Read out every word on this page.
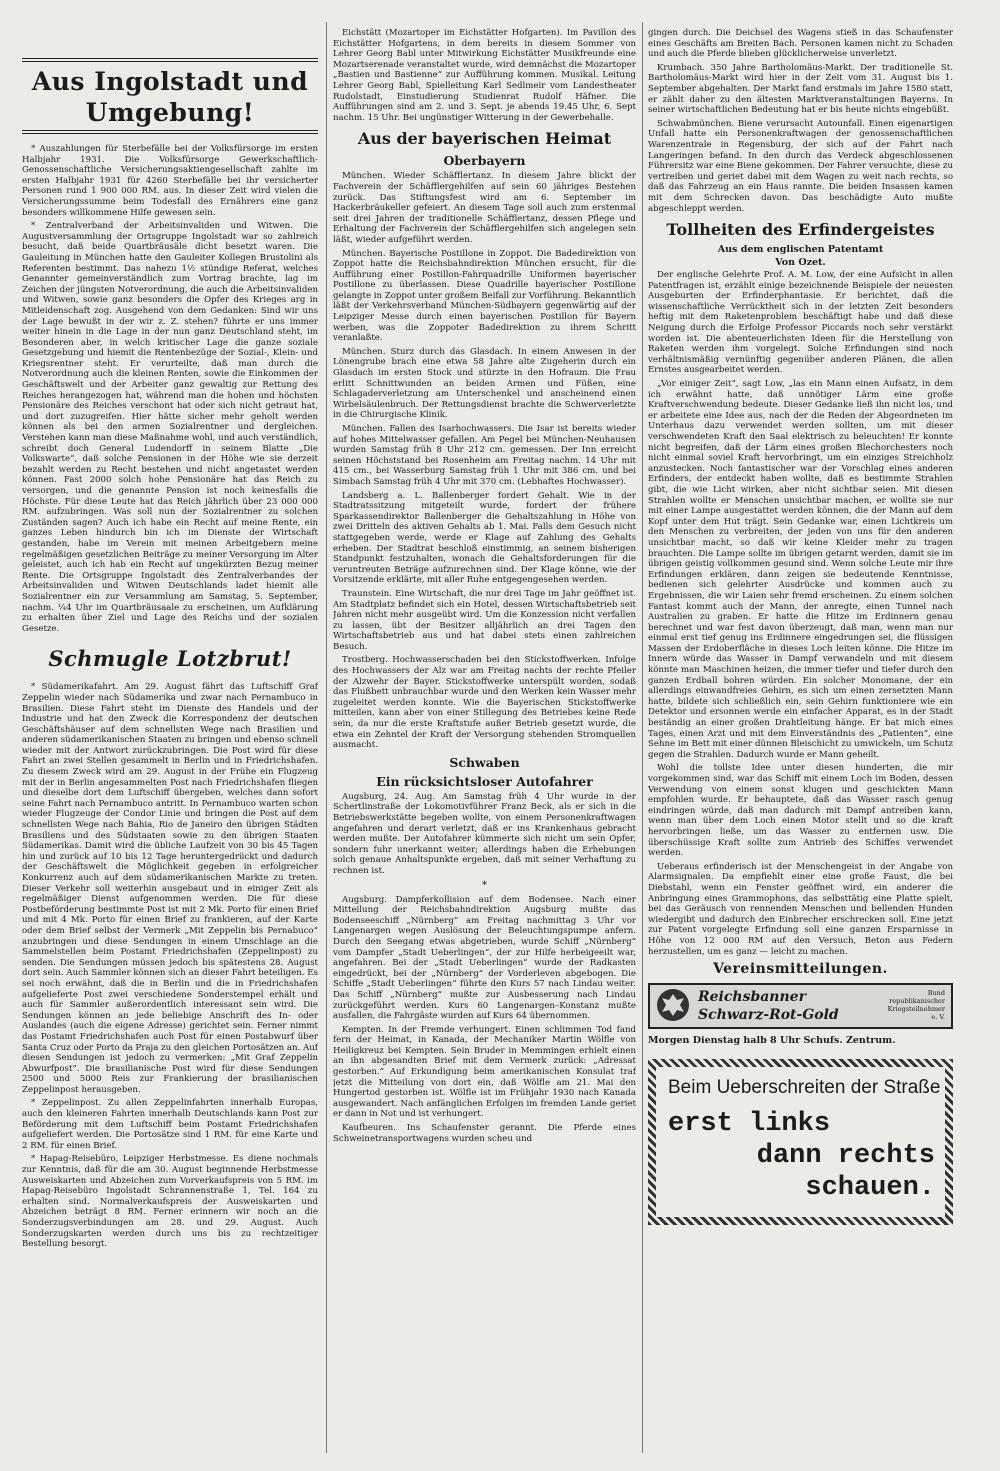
Aus Ingolstadt und
Umgebung!

* Auszahlungen für Sterbefälle bei der Volksfürsorge im ersten Halbjahr 1931. Die Volksfürsorge Gewerkschaftlich-Genossenschaftliche Versicherungsaktiengesellschaft zahlte im ersten Halbjahr 1931 für 4260 Sterbefälle bei ihr versicherter Personen rund 1 900 000 RM. aus. In dieser Zeit wird vielen die Versicherungssumme beim Todesfall des Ernährers eine ganz besonders willkommene Hilfe gewesen sein.

* Zentralverband der Arbeitsinvaliden und Witwen. Die Augustversammlung der Ortsgruppe Ingolstadt war so zahlreich besucht, daß beide Quartbräusäle dicht besetzt waren. Die Gauleitung in München hatte den Gauleiter Kollegen Brustolini als Referenten bestimmt. Das nahezu 1½ stündige Referat, welches Genannter gemeinverständlich zum Vortrag brachte, lag im Zeichen der jüngsten Notverordnung, die auch die Arbeitsinvaliden und Witwen, sowie ganz besonders die Opfer des Krieges arg in Mitleidenschaft zog. Ausgehend von dem Gedanken: Sind wir uns der Lage bewußt in der wir z. Z. stehen? führte er uns immer weiter hinein in die Lage in der nun ganz Deutschland steht, im Besonderen aber, in welch kritischer Lage die ganze soziale Gesetzgebung und hiemit die Rentenbezüge der Sozial-, Klein- und Kriegsrentner steht. Er verurteilte, daß man durch die Notverordnung auch die kleinen Renten, sowie die Einkommen der Geschäftswelt und der Arbeiter ganz gewaltig zur Rettung des Reiches herangezogen hat, während man die hohen und höchsten Pensionäre des Reiches verschont hat oder sich nicht getraut hat, und dort zuzugreifen. Hier hätte sicher mehr geholt werden können als bei den armen Sozialrentner und dergleichen. Verstehen kann man diese Maßnahme wohl, und auch verständlich, schreibt doch General Ludendorff in seinem Blatte „Die Volkswarte“, daß solche Pensionen in der Höhe wie sie derzeit bezahlt werden zu Recht bestehen und nicht angetastet werden können. Fast 2000 solch hohe Pensionäre hat das Reich zu versorgen, und die genannte Pension ist noch keinesfalls die Höchste. Für diese Leute hat das Reich jährlich über 23 000 000 RM. aufzubringen. Was soll nun der Sozialrentner zu solchen Zuständen sagen? Auch ich habe ein Recht auf meine Rente, ein ganzes Leben hindurch bin ich im Dienste der Wirtschaft gestanden, habe im Verein mit meinen Arbeitgebern meine regelmäßigen gesetzlichen Beiträge zu meiner Versorgung im Alter geleistet, auch ich hab ein Recht auf ungekürzten Bezug meiner Rente. Die Ortsgruppe Ingolstadt des Zentralverbandes der Arbeitsinvaliden und Witwen Deutschlands ladet hiemit alle Sozialrentner ein zur Versammlung am Samstag, 5. September, nachm. ¼4 Uhr im Quartbräusaale zu erscheinen, um Aufklärung zu erhalten über Ziel und Lage des Reichs und der sozialen Gesetze.

Schmugle Lotzbrut!

* Südamerikafahrt. Am 29. August fährt das Luftschiff Graf Zeppelin wieder nach Südamerika und zwar nach Pernambuco in Brasilien. Diese Fahrt steht im Dienste des Handels und der Industrie und hat den Zweck die Korrespondenz der deutschen Geschäftshäuser auf dem schnellsten Wege nach Brasilien und anderen südamerikanischen Staaten zu bringen und ebenso schnell wieder mit der Antwort zurückzubringen. Die Post wird für diese Fahrt an zwei Stellen gesammelt in Berlin und in Friedrichshafen. Zu diesem Zweck wird am 29. August in der Frühe ein Flugzeug mit der in Berlin angesammelten Post nach Friedrichshafen fliegen und dieselbe dort dem Luftschiff übergeben, welches dann sofort seine Fahrt nach Pernambuco antritt. In Pernambuco warten schon wieder Flugzeuge der Condor Linie und bringen die Post auf dem schnellsten Wege nach Bahia, Rio de Janeiro den übrigen Städten Brasiliens und des Südstaaten sowie zu den übrigen Staaten Südamerikas. Damit wird die übliche Laufzeit von 30 bis 45 Tagen hin und zurück auf 10 bis 12 Tage heruntergedrückt und dadurch der Geschäftswelt die Möglichkeit gegeben in erfolgreicher Konkurrenz auch auf dem südamerikanischen Markte zu treten. Dieser Verkehr soll weiterhin ausgebaut und in einiger Zeit als regelmäßiger Dienst aufgenommen werden. Die für diese Postbeförderung bestimmte Post ist mit 2 Mk. Porto für einen Brief und mit 4 Mk. Porto für einen Brief zu frankieren, auf der Karte oder dem Brief selbst der Vermerk „Mit Zeppelin bis Pernabuco“ anzubringen und diese Sendungen in einem Umschlage an die Sammelstellen beim Postamt Friedrichshafen (Zeppelinpost) zu senden. Die Sendungen müssen jedoch bis spätestens 28. August dort sein. Auch Sammler können sich an dieser Fahrt beteiligen. Es sei noch erwähnt, daß die in Berlin und die in Friedrichshafen aufgelieferte Post zwei verschiedene Sonderstempel erhält und auch für Sammler außerordentlich interessant sein wird. Die Sendungen können an jede beliebige Anschrift des In- oder Auslandes (auch die eigene Adresse) gerichtet sein. Ferner nimmt das Postamt Friedrichshafen auch Post für einen Postabwurf über Santa Cruz oder Porto da Praja zu den gleichen Portosätzen an. Auf diesen Sendungen ist jedoch zu vermerken: „Mit Graf Zeppelin Abwurfpost“. Die brasilianische Post wird für diese Sendungen 2500 und 5000 Reis zur Frankierung der brasilianischen Zeppelinpost herausgeben.

* Zeppelinpost. Zu allen Zeppelinfahrten innerhalb Europas, auch den kleineren Fahrten innerhalb Deutschlands kann Post zur Beförderung mit dem Luftschiff beim Postamt Friedrichshafen aufgeliefert werden. Die Portosätze sind 1 RM. für eine Karte und 2 RM. für einen Brief.

* Hapag-Reisebüro, Leipziger Herbstmesse. Es diene nochmals zur Kenntnis, daß für die am 30. August beginnende Herbstmesse Ausweiskarten und Abzeichen zum Vorverkaufspreis von 5 RM. im Hapag-Reisebüro Ingolstadt Schrannenstraße 1, Tel. 164 zu erhalten sind. Normalverkaufspreis der Ausweiskarten und Abzeichen beträgt 8 RM. Ferner erinnern wir noch an die Sonderzugsverbindungen am 28. und 29. August. Auch Sonderzugskarten werden durch uns bis zu rechtzeitiger Bestellung besorgt.

Eichstätt (Mozartoper im Eichstätter Hofgarten). Im Pavillon des Eichstätter Hofgartens, in dem bereits in diesem Sommer von Lehrer Georg Babl unter Mitwirkung Eichstätter Musikfreunde eine Mozartserenade veranstaltet wurde, wird demnächst die Mozartoper „Bastien und Bastienne“ zur Aufführung kommen. Musikal. Leitung Lehrer Georg Babl, Spielleitung Karl Sedlmeir vom Landestheater Rudolstadt, Einstudierung Studienrat Rudolf Häfner. Die Aufführungen sind am 2. und 3. Sept. je abends 19.45 Uhr, 6. Sept nachm. 15 Uhr. Bei ungünstiger Witterung in der Gewerbehalle.

Aus der bayerischen Heimat
Oberbayern

München. Wieder Schäfflertanz. In diesem Jahre blickt der Fachverein der Schäfflergehilfen auf sein 60 jähriges Bestehen zurück. Das Stiftungsfest wird am 6. September im Hackerbräukeller gefeiert. An diesem Tage soll auch zum erstenmal seit drei Jahren der traditionelle Schäfflertanz, dessen Pflege und Erhaltung der Fachverein der Schäfflergehilfen sich angelegen sein läßt, wieder aufgeführt werden.

München. Bayerische Postillone in Zoppot. Die Badedirektion von Zoppot hatte die Reichsbahndirektion München ersucht, für die Aufführung einer Postillon-Fahrquadrille Uniformen bayerischer Postillone zu überlassen. Diese Quadrille bayerischer Postillone gelangte in Zoppot unter großem Beifall zur Vorführung. Bekanntlich läßt der Verkehrsverband München-Südbayern gegenwärtig auf der Leipziger Messe durch einen bayerischen Postillon für Bayern werben, was die Zoppoter Badedirektion zu ihrem Schritt veranlaßte.

München. Sturz durch das Glasdach. In einem Anwesen in der Lönengrube brach eine etwa 58 Jahre alte Zugeherin durch ein Glasdach im ersten Stock und stürzte in den Hofraum. Die Frau erlitt Schnittwunden an beiden Armen und Füßen, eine Schlagaderverletzung am Unterschenkel und anscheinend einen Wirbelsäulenbruch. Der Rettungsdienst brachte die Schwerverletzte in die Chirurgische Klinik.

München. Fallen des Isarhochwassers. Die Isar ist bereits wieder auf hohes Mittelwasser gefallen. Am Pegel bei München-Neuhausen wurden Samstag früh 8 Uhr 212 cm. gemessen. Der Inn erreicht seinen Höchststand bei Rosenheim am Freitag nachm. 14 Uhr mit 415 cm., bei Wasserburg Samstag früh 1 Uhr mit 386 cm. und bei Simbach Samstag früh 4 Uhr mit 370 cm. (Lebhaftes Hochwasser).

Landsberg a. L. Ballenberger fordert Gehalt. Wie in der Stadtratssitzung mitgeteilt wurde, fordert der frühere Sparkassendirektor Ballenberger die Gehaltszahlung in Höhe von zwei Dritteln des aktiven Gehalts ab 1. Mai. Falls dem Gesuch nicht stattgegeben werde, werde er Klage auf Zahlung des Gehalts erheben. Der Stadtrat beschloß einstimmig, an seinem bisherigen Standpunkt festzuhalten, wonach die Gehaltsforderungen für die veruntreuten Beträge aufzurechnen sind. Der Klage könne, wie der Vorsitzende erklärte, mit aller Ruhe entgegengesehen werden.

Traunstein. Eine Wirtschaft, die nur drei Tage im Jahr geöffnet ist. Am Stadtplatz befindet sich ein Hotel, dessen Wirtschaftsbetrieb seit Jahren nicht mehr ausgeübt wird. Um die Konzession nicht verfallen zu lassen, übt der Besitzer alljährlich an drei Tagen den Wirtschaftsbetrieb aus und hat dabei stets einen zahlreichen Besuch.

Trostberg. Hochwasserschaden bei den Stickstoffwerken. Infolge des Hochwassers der Alz war am Freitag nachts der rechte Pfeiler der Alzwehr der Bayer. Stickstoffwerke unterspült worden, sodaß das Flußbett unbrauchbar wurde und den Werken kein Wasser mehr zugeleitet werden konnte. Wie die Bayerischen Stickstoffwerke mitteilen, kann aber von einer Stillegung des Betriebes keine Rede sein, da nur die erste Kraftstufe außer Betrieb gesetzt wurde, die etwa ein Zehntel der Kraft der Versorgung stehenden Stromquellen ausmacht.

Schwaben
Ein rücksichtsloser Autofahrer

Augsburg, 24. Aug. Am Samstag früh 4 Uhr wurde in der Schertlinstraße der Lokomotivführer Franz Beck, als er sich in die Betriebswerkstätte begeben wollte, von einem Personenkraftwagen angefahren und derart verletzt, daß er ins Krankenhaus gebracht werden mußte. Der Autofahrer kümmerte sich nicht um sein Opfer, sondern fuhr unerkannt weiter; allerdings haben die Erhebungen solch genaue Anhaltspunkte ergeben, daß mit seiner Verhaftung zu rechnen ist.

*

Augsburg. Dampferkollision auf dem Bodensee. Nach einer Mitteilung der Reichsbahndirektion Augsburg mußte das Bodenseeschiff „Nürnberg“ am Freitag nachmittag 3 Uhr vor Langenargen wegen Auslösung der Beleuchtungspumpe anfern. Durch den Seegang etwas abgetrieben, wurde Schiff „Nürnberg“ vom Dampfer „Stadt Ueberlingen“, der zur Hilfe herbeigeeilt war, angefahren. Bei der „Stadt Ueberlingen“ wurde der Radkasten eingedrückt, bei der „Nürnberg“ der Vorderleven abgebogen. Die Schiffe „Stadt Ueberlingen“ führte den Kurs 57 nach Lindau weiter. Das Schiff „Nürnberg“ mußte zur Ausbesserung nach Lindau zurückgeführt werden. Kurs 60 Langenargen–Konstanz mußte ausfallen, die Fahrgäste wurden auf Kurs 64 übernommen.

Kempten. In der Fremde verhungert. Einen schlimmen Tod fand fern der Heimat, in Kanada, der Mechaniker Martin Wölfle von Heiligkreuz bei Kempten. Sein Bruder in Memmingen erhielt einen an ihn abgesandten Brief mit dem Vermerk zurück: „Adressat gestorben.“ Auf Erkundigung beim amerikanischen Konsulat traf jetzt die Mitteilung von dort ein, daß Wölfle am 21. Mai den Hungertod gestorben ist. Wölfle ist im Frühjahr 1930 nach Kanada ausgewandert. Nach anfänglichen Erfolgen im fremden Lande geriet er dann in Not und ist verhungert.

Kaufbeuren. Ins Schaufenster gerannt. Die Pferde eines Schweinetransportwagens wurden scheu und

gingen durch. Die Deichsel des Wagens stieß in das Schaufenster eines Geschäfts am Breiten Bach. Personen kamen nicht zu Schaden und auch die Pferde blieben glücklicherweise unverletzt.

Krumbach. 350 Jahre Bartholomäus-Markt. Der traditionelle St. Bartholomäus-Markt wird hier in der Zeit vom 31. August bis 1. September abgehalten. Der Markt fand erstmals im Jahre 1580 statt, er zählt daher zu den ältesten Marktveranstaltungen Bayerns. In seiner wirtschaftlichen Bedeutung hat er bis heute nichts eingebüßt.

Schwabmünchen. Biene verursacht Autounfall. Einen eigenartigen Unfall hatte ein Personenkraftwagen der genossenschaftlichen Warenzentrale in Regensburg, der sich auf der Fahrt nach Langeringen befand. In den durch das Verdeck abgeschlossenen Führersitz war eine Biene gekommen. Der Fahrer versuchte, diese zu vertreiben und geriet dabei mit dem Wagen zu weit nach rechts, so daß das Fahrzeug an ein Haus rannte. Die beiden Insassen kamen mit dem Schrecken davon. Das beschädigte Auto mußte abgeschleppt werden.

Tollheiten des Erfindergeistes
Aus dem englischen Patentamt
Von Ozet.

Der englische Gelehrte Prof. A. M. Low, der eine Aufsicht in allen Patentfragen ist, erzählt einige bezeichnende Beispiele der neuesten Ausgeburten der Erfinderphantasie. Er berichtet, daß die wissenschaftliche Verrücktheit sich in der letzten Zeit besonders heftig mit dem Raketenproblem beschäftigt habe und daß diese Neigung durch die Erfolge Professor Piccards noch sehr verstärkt worden ist. Die abenteuerlichsten Ideen für die Herstellung von Raketen werden ihm vorgelegt. Solche Erfindungen sind noch verhältnismäßig vernünftig gegenüber anderen Plänen, die allen Ernstes ausgearbeitet werden.

„Vor einiger Zeit“, sagt Low, „las ein Mann einen Aufsatz, in dem ich erwähnt hatte, daß unnötiger Lärm eine große Kraftverschwendung bedeute. Dieser Gedanke ließ ihn nicht los, und er arbeitete eine Idee aus, nach der die Reden der Abgeordneten im Unterhaus dazu verwendet werden sollten, um mit dieser verschwendeten Kraft den Saal elektrisch zu beleuchten! Er konnte nicht begreifen, daß der Lärm eines großen Blechorchesters noch nicht einmal soviel Kraft hervorbringt, um ein einziges Streichholz anzustecken. Noch fantastischer war der Vorschlag eines anderen Erfinders, der entdeckt haben wollte, daß es bestimmte Strahlen gibt, die wie Licht wirken, aber nicht sichtbar seien. Mit diesen Strahlen wollte er Menschen unsichtbar machen, er wollte sie nur mit einer Lampe ausgestattet werden können, die der Mann auf dem Kopf unter dem Hut trägt. Sein Gedanke war, einen Lichtkreis um den Menschen zu verbreiten, der jeden von uns für den anderen unsichtbar macht, so daß wir keine Kleider mehr zu tragen brauchten. Die Lampe sollte im übrigen getarnt werden, damit sie im übrigen geistig vollkommen gesund sind. Wenn solche Leute mir ihre Erfindungen erklären, dann zeigen sie bedeutende Kenntnisse, bedienen sich gelehrter Ausdrücke und kommen auch zu Ergebnissen, die wir Laien sehr fremd erscheinen. Zu einem solchen Fantast kommt auch der Mann, der anregte, einen Tunnel nach Australien zu graben. Er hatte die Hitze im Erdinnern genau berechnet und war fest davon überzeugt, daß man, wenn man nur einmal erst tief genug ins Erdinnere eingedrungen sei, die flüssigen Massen der Erdoberfläche in dieses Loch leiten könne. Die Hitze im Innern würde das Wasser in Dampf verwandeln und mit diesem könnte man Maschinen heizen, die immer tiefer und tiefer durch den ganzen Erdball bohren würden. Ein solcher Monomane, der ein allerdings einwandfreies Gehirn, es sich um einen zersetzten Mann hatte, bildete sich schließlich ein, sein Gehirn funktioniere wie ein Detektor und ersonnen werde ein einfacher Apparat, es in der Stadt beständig an einer großen Drahtleitung hänge. Er bat mich eines Tages, einen Arzt und mit dem Einverständnis des „Patienten“, eine Sehne im Bett mit einer dünnen Bleischicht zu umwickeln, um Schutz gegen die Strahlen. Dadurch wurde er Mann geheilt.

Wohl die tollste Idee unter diesen hunderten, die mir vorgekommen sind, war das Schiff mit einem Loch im Boden, dessen Verwendung von einem sonst klugen und geschickten Mann empfohlen wurde. Er behauptete, daß das Wasser rasch genug eindringen würde, daß man dadurch mit Dampf antreiben kann, wenn man über dem Loch einen Motor stellt und so die kraft hervorbringen ließe, um das Wasser zu entfernen usw. Die überschüssige Kraft sollte zum Antrieb des Schiffes verwendet werden.

Ueberaus erfinderisch ist der Menschengeist in der Angabe von Alarmsignalen. Da empfiehlt einer eine große Faust, die bei Diebstahl, wenn ein Fenster geöffnet wird, ein anderer die Anbringung eines Grammophons, das selbsttätig eine Platte spielt, bei das Geräusch von rennenden Menschen und bellenden Hunden wiedergibt und dadurch den Einbrecher erschrecken soll. Eine jetzt zur Patent vorgelegte Erfindung soll eine ganzen Ersparnisse in Höhe von 12 000 RM auf den Versuch, Beton aus Federn herzustellen, um es ganz — leicht zu machen.

Vereinsmitteilungen.
Reichsbanner
Schwarz-Rot-Gold
Bund republikanischer Kriegsteilnehmer e. V.

Morgen Dienstag halb 8 Uhr Schufs. Zentrum.

Beim Ueberschreiten der Straße
erst links
dann rechts
schauen.
